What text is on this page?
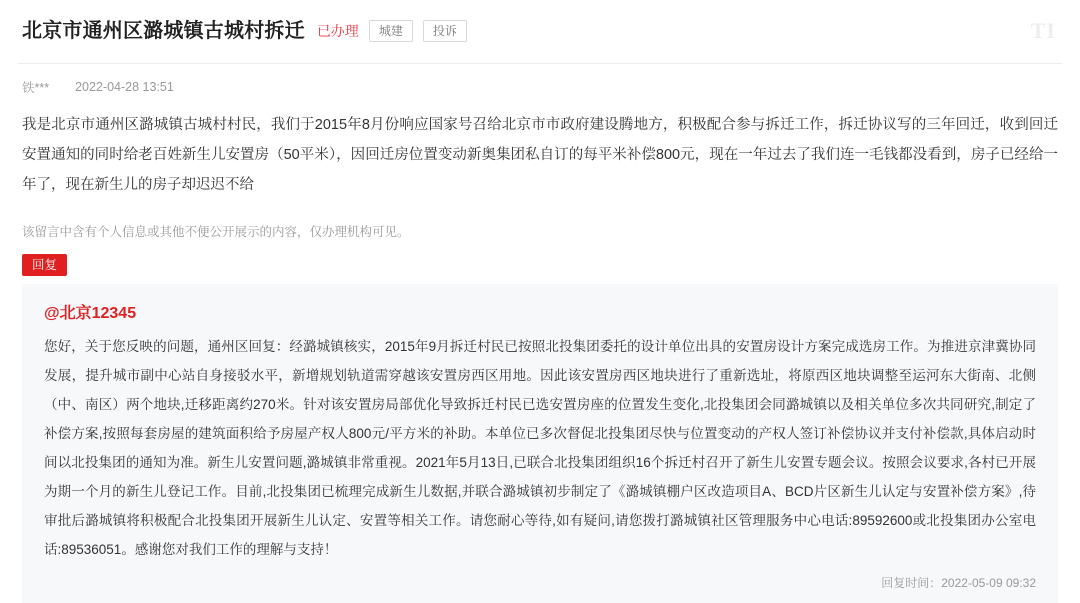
TI
北京市通州区潞城镇古城村拆迁 已办理	城建	投诉
铁*** 2022-04-28 13:51
我是北京市通州区潞城镇古城村村民，我们于2015年8月份响应国家号召给北京市市政府建设腾地方，积极配合参与拆迁工作，拆迁协议写的三年回迁，收到回迁安置通知的同时给老百姓新生儿安置房（50平米），因回迁房位置变动新奥集团私自订的每平米补偿800元，现在一年过去了我们连一毛钱都没看到，房子已经给一年了，现在新生儿的房子却迟迟不给
该留言中含有个人信息或其他不便公开展示的内容，仅办理机构可见。
回复
@北京12345
您好，关于您反映的问题，通州区回复：经潞城镇核实，2015年9月拆迁村民已按照北投集团委托的设计单位出具的安置房设计方案完成选房工作。为推进京津冀协同发展，提升城市副中心站自身接驳水平，新增规划轨道需穿越该安置房西区用地。因此该安置房西区地块进行了重新选址，将原西区地块调整至运河东大街南、北侧（中、南区）两个地块,迁移距离约270米。针对该安置房局部优化导致拆迁村民已选安置房座的位置发生变化,北投集团会同潞城镇以及相关单位多次共同研究,制定了补偿方案,按照每套房屋的建筑面积给予房屋产权人800元/平方米的补助。本单位已多次督促北投集团尽快与位置变动的产权人签订补偿协议并支付补偿款,具体启动时间以北投集团的通知为准。新生儿安置问题,潞城镇非常重视。2021年5月13日,已联合北投集团组织16个拆迁村召开了新生儿安置专题会议。按照会议要求,各村已开展为期一个月的新生儿登记工作。目前,北投集团已梳理完成新生儿数据,并联合潞城镇初步制定了《潞城镇棚户区改造项目A、BCD片区新生儿认定与安置补偿方案》,待审批后潞城镇将积极配合北投集团开展新生儿认定、安置等相关工作。请您耐心等待,如有疑问,请您拨打潞城镇社区管理服务中心电话:89592600或北投集团办公室电话:89536051。感谢您对我们工作的理解与支持！
回复时间：2022-05-09 09:32
